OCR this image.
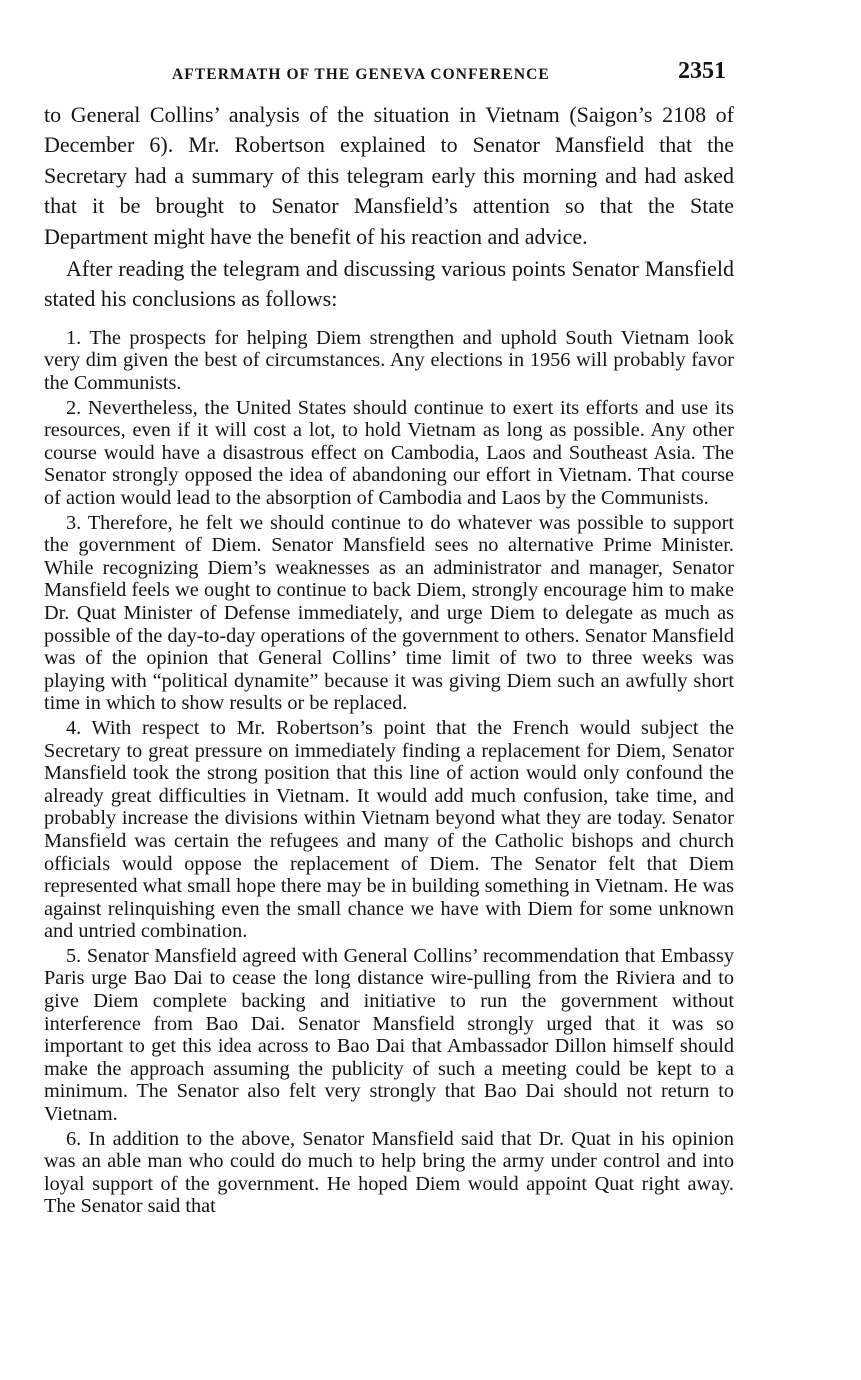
AFTERMATH OF THE GENEVA CONFERENCE	2351

to General Collins’ analysis of the situation in Vietnam (Saigon’s 2108 of December 6). Mr. Robertson explained to Senator Mansfield that the Secretary had a summary of this telegram early this morning and had asked that it be brought to Senator Mansfield’s attention so that the State Department might have the benefit of his reaction and advice.

After reading the telegram and discussing various points Senator Mansfield stated his conclusions as follows:

1. The prospects for helping Diem strengthen and uphold South Vietnam look very dim given the best of circumstances. Any elections in 1956 will probably favor the Communists.

2. Nevertheless, the United States should continue to exert its efforts and use its resources, even if it will cost a lot, to hold Vietnam as long as possible. Any other course would have a disastrous effect on Cambodia, Laos and Southeast Asia. The Senator strongly opposed the idea of abandoning our effort in Vietnam. That course of action would lead to the absorption of Cambodia and Laos by the Communists.

3. Therefore, he felt we should continue to do whatever was possible to support the government of Diem. Senator Mansfield sees no alternative Prime Minister. While recognizing Diem’s weaknesses as an administrator and manager, Senator Mansfield feels we ought to continue to back Diem, strongly encourage him to make Dr. Quat Minister of Defense immediately, and urge Diem to delegate as much as possible of the day-to-day operations of the government to others. Senator Mansfield was of the opinion that General Collins’ time limit of two to three weeks was playing with “political dynamite” because it was giving Diem such an awfully short time in which to show results or be replaced.

4. With respect to Mr. Robertson’s point that the French would subject the Secretary to great pressure on immediately finding a replacement for Diem, Senator Mansfield took the strong position that this line of action would only confound the already great difficulties in Vietnam. It would add much confusion, take time, and probably increase the divisions within Vietnam beyond what they are today. Senator Mansfield was certain the refugees and many of the Catholic bishops and church officials would oppose the replacement of Diem. The Senator felt that Diem represented what small hope there may be in building something in Vietnam. He was against relinquishing even the small chance we have with Diem for some unknown and untried combination.

5. Senator Mansfield agreed with General Collins’ recommendation that Embassy Paris urge Bao Dai to cease the long distance wire-pulling from the Riviera and to give Diem complete backing and initiative to run the government without interference from Bao Dai. Senator Mansfield strongly urged that it was so important to get this idea across to Bao Dai that Ambassador Dillon himself should make the approach assuming the publicity of such a meeting could be kept to a minimum. The Senator also felt very strongly that Bao Dai should not return to Vietnam.

6. In addition to the above, Senator Mansfield said that Dr. Quat in his opinion was an able man who could do much to help bring the army under control and into loyal support of the government. He hoped Diem would appoint Quat right away. The Senator said that
